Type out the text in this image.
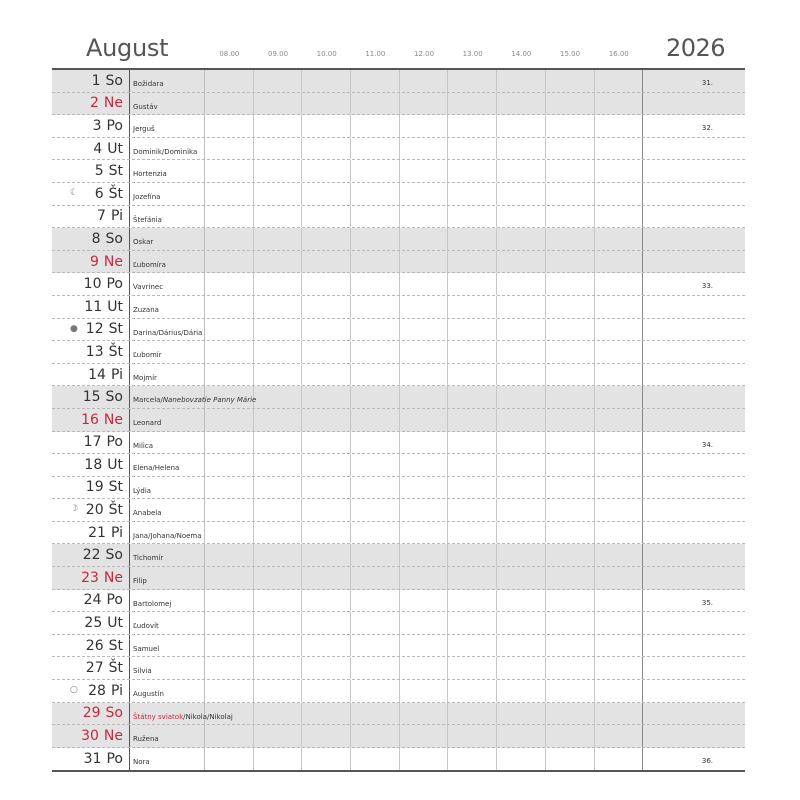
August	2026
08.00	09.00	10.00	11.00	12.00	13.00	14.00	15.00	16.00
1 So	Božidara	31.
2 Ne	Gustáv
3 Po	Jerguš	32.
4 Ut	Dominik/Dominika
5 St	Hortenzia
☾ 6 Št	Jozefína
7 Pi	Štefánia
8 So	Oskar
9 Ne	Ľubomíra
10 Po	Vavrinec	33.
11 Ut	Zuzana
● 12 St	Darina/Dárius/Dária
13 Št	Ľubomír
14 Pi	Mojmír
15 So	Marcela/Nanebovzatie Panny Márie
16 Ne	Leonard
17 Po	Milica	34.
18 Ut	Elena/Helena
19 St	Lýdia
☽ 20 Št	Anabela
21 Pi	Jana/Johana/Noema
22 So	Tichomír
23 Ne	Filip
24 Po	Bartolomej	35.
25 Ut	Ľudovít
26 St	Samuel
27 Št	Silvia
○ 28 Pi	Augustín
29 So	Štátny sviatok/Nikola/Nikolaj
30 Ne	Ružena
31 Po	Nora	36.
